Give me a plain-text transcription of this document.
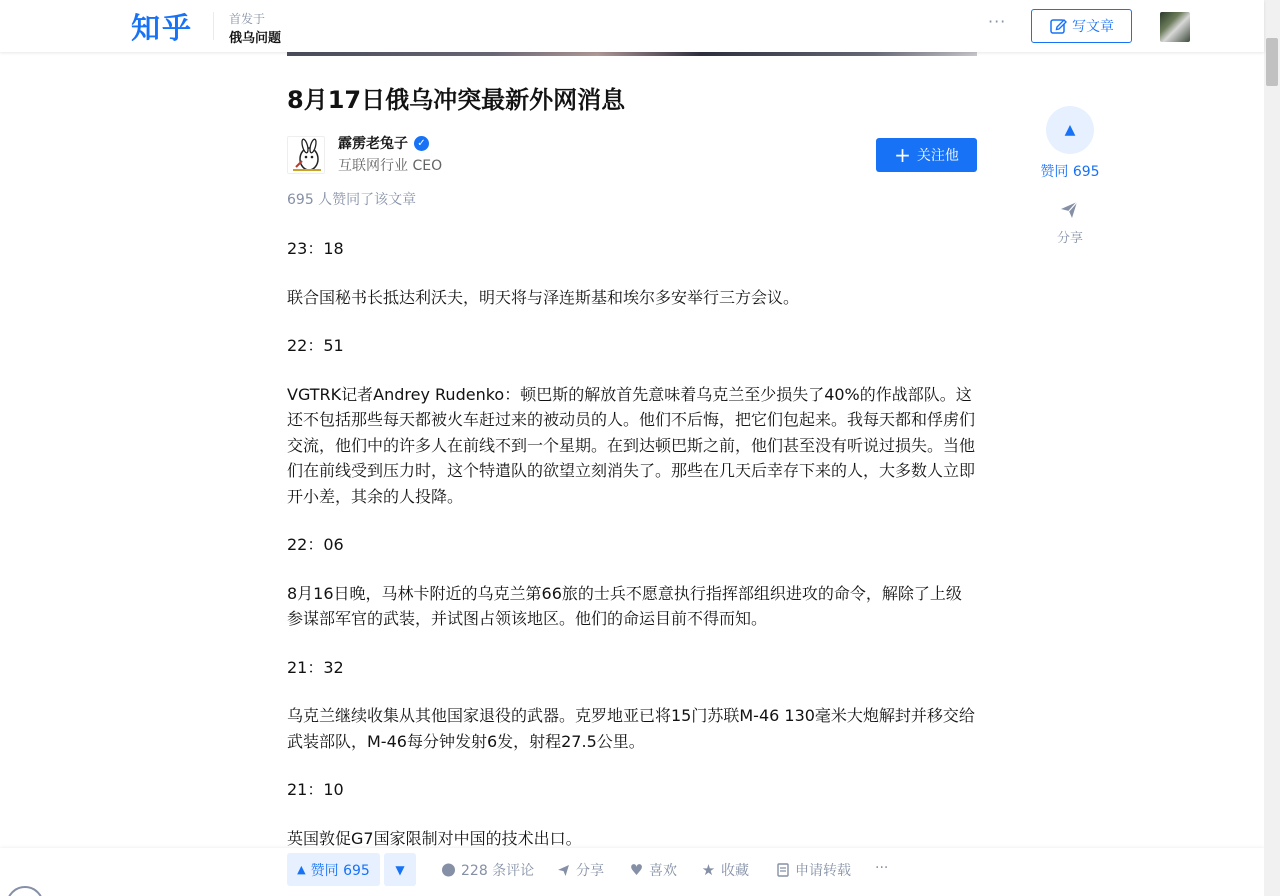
知乎	首发于
俄乌问题
···	写文章
8月17日俄乌冲突最新外网消息
霹雳老兔子 ✓
互联网行业 CEO	+ 关注他
695 人赞同了该文章

23：18

联合国秘书长抵达利沃夫，明天将与泽连斯基和埃尔多安举行三方会议。

22：51

VGTRK记者Andrey Rudenko：顿巴斯的解放首先意味着乌克兰至少损失了40%的作战部队。这还不包括那些每天都被火车赶过来的被动员的人。他们不后悔，把它们包起来。我每天都和俘虏们交流，他们中的许多人在前线不到一个星期。在到达顿巴斯之前，他们甚至没有听说过损失。当他们在前线受到压力时，这个特遣队的欲望立刻消失了。那些在几天后幸存下来的人，大多数人立即开小差，其余的人投降。

22：06

8月16日晚，马林卡附近的乌克兰第66旅的士兵不愿意执行指挥部组织进攻的命令，解除了上级参谋部军官的武装，并试图占领该地区。他们的命运目前不得而知。

21：32

乌克兰继续收集从其他国家退役的武器。克罗地亚已将15门苏联M-46 130毫米大炮解封并移交给武装部队，M-46每分钟发射6发，射程27.5公里。

21：10

英国敦促G7国家限制对中国的技术出口。

▲
赞同 695
分享
▲ 赞同 695 ▼	228 条评论	分享 ♥ 喜欢 ★ 收藏	申请转载 ···
